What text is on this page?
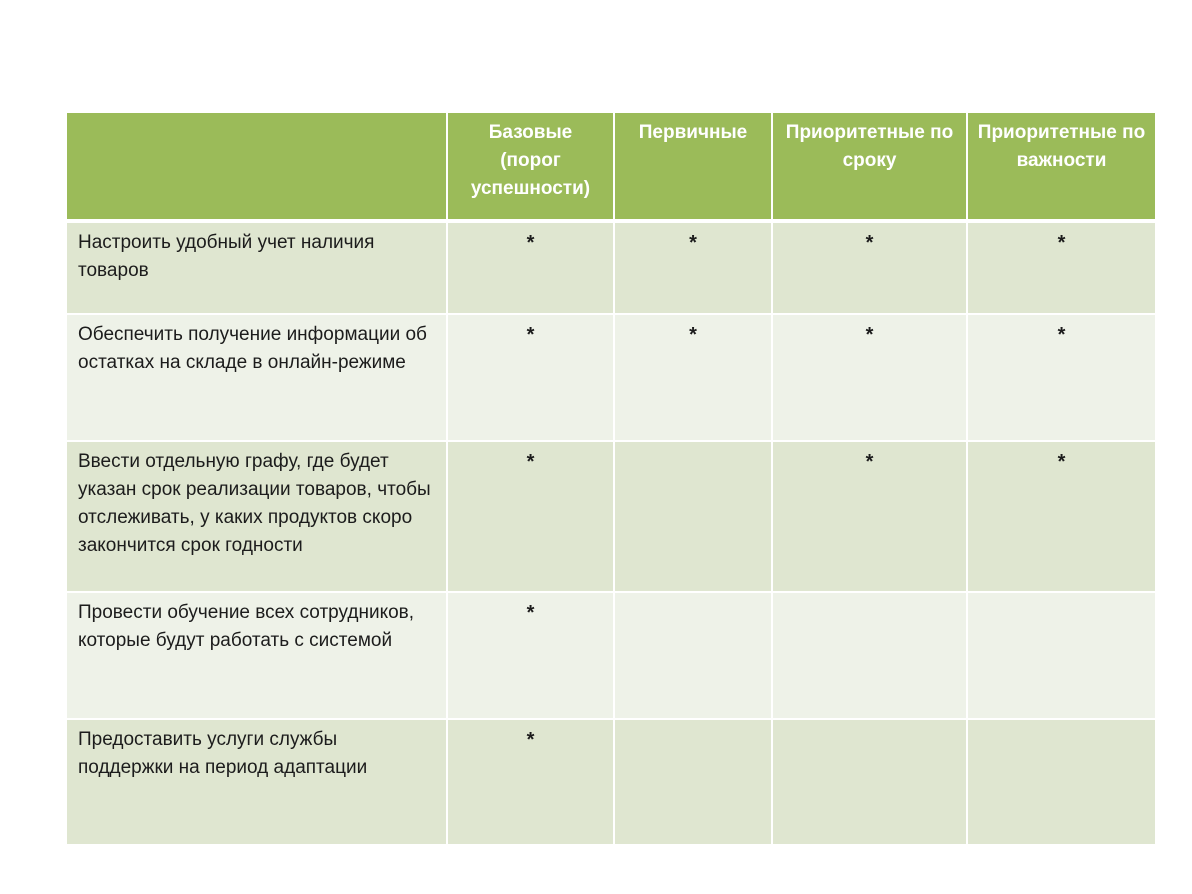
	Базовые (порог успешности)	Первичные	Приоритетные по сроку	Приоритетные по важности
Настроить удобный учет наличия товаров	*	*	*	*
Обеспечить получение информации об остатках на складе в онлайн-режиме	*	*	*	*
Ввести отдельную графу, где будет указан срок реализации товаров, чтобы отслеживать, у каких продуктов скоро закончится срок годности	*		*	*
Провести обучение всех сотрудников, которые будут работать с системой	*			
Предоставить услуги службы поддержки на период адаптации	*			
